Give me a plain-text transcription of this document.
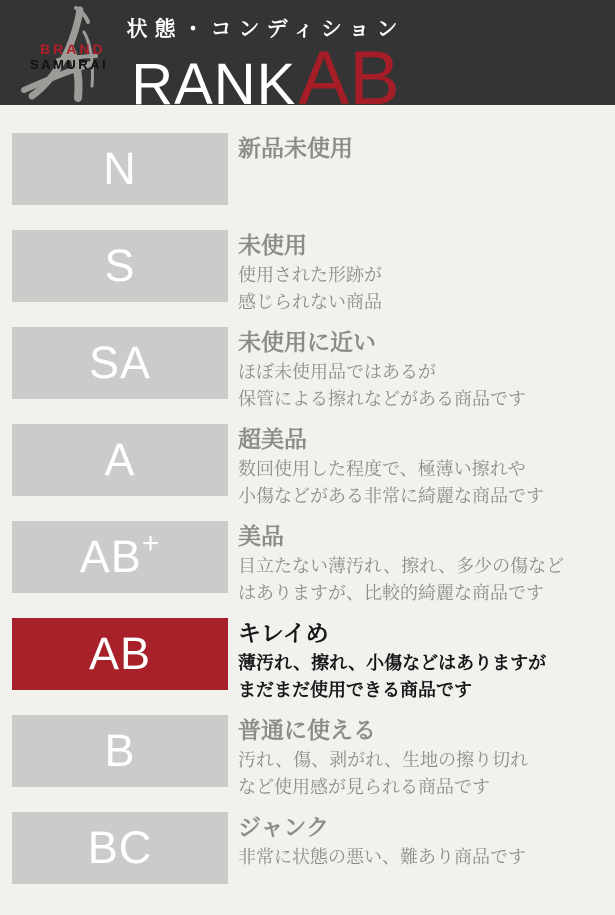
BRAND
SAMURAI
状態・コンディション
RANK AB
N	新品未使用
S	未使用
使用された形跡が
感じられない商品
SA	未使用に近い
ほぼ未使用品ではあるが
保管による擦れなどがある商品です
A	超美品
数回使用した程度で、極薄い擦れや
小傷などがある非常に綺麗な商品です
AB +	美品
目立たない薄汚れ、擦れ、多少の傷など
はありますが、比較的綺麗な商品です
AB	キレイめ
薄汚れ、擦れ、小傷などはありますが
まだまだ使用できる商品です
B	普通に使える
汚れ、傷、剥がれ、生地の擦り切れ
など使用感が見られる商品です
BC	ジャンク
非常に状態の悪い、難あり商品です
